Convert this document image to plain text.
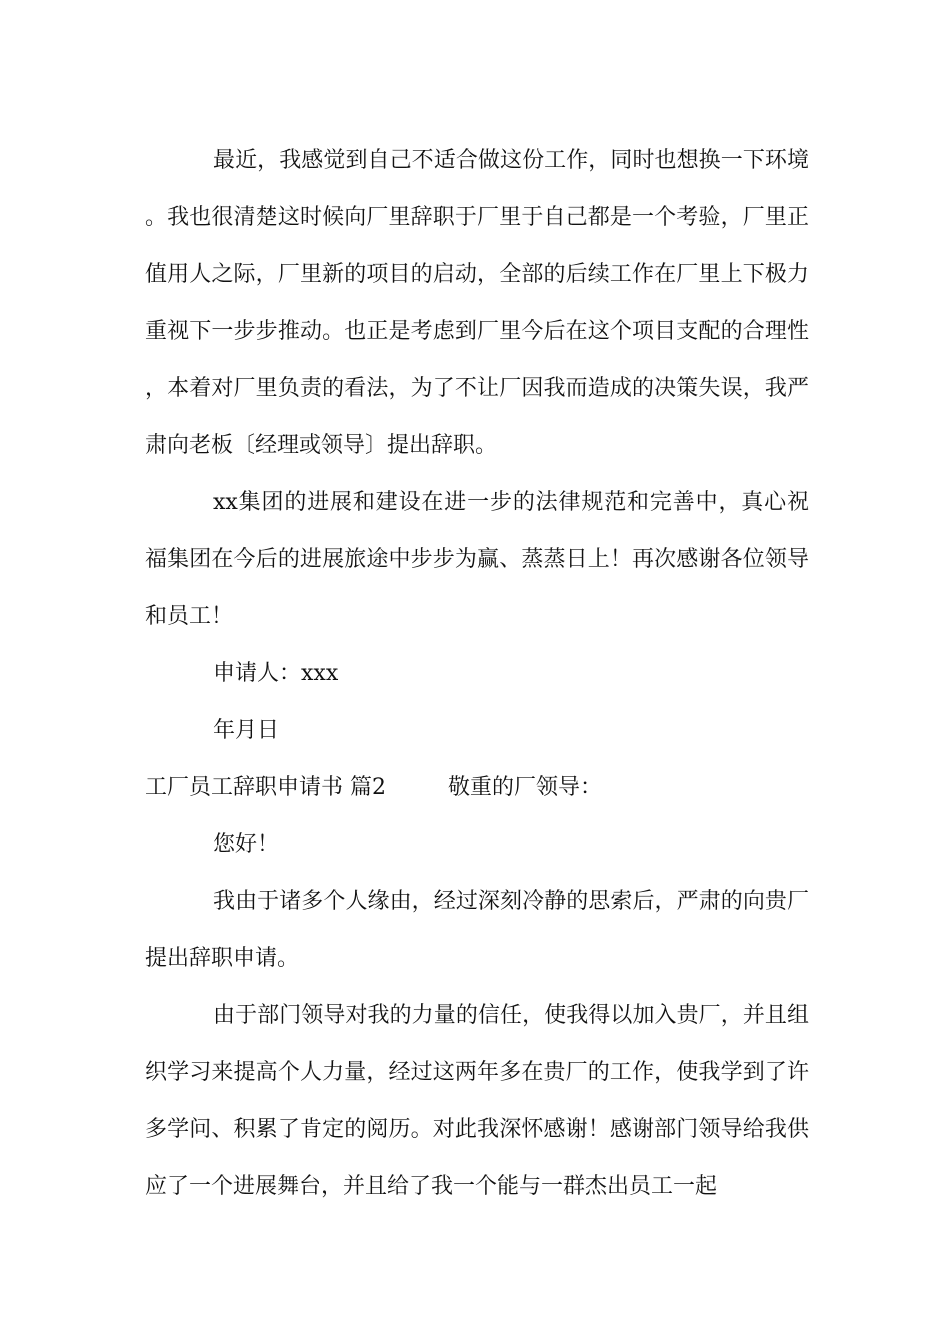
最近，我感觉到自己不适合做这份工作，同时也想换一下环境。我也很清楚这时候向厂里辞职于厂里于自己都是一个考验，厂里正值用人之际，厂里新的项目的启动，全部的后续工作在厂里上下极力重视下一步步推动。也正是考虑到厂里今后在这个项目支配的合理性，本着对厂里负责的看法，为了不让厂因我而造成的决策失误，我严肃向老板〔经理或领导〕提出辞职。

xx集团的进展和建设在进一步的法律规范和完善中，真心祝福集团在今后的进展旅途中步步为赢、蒸蒸日上！再次感谢各位领导和员工！

申请人：xxx

年月日

工厂员工辞职申请书 篇2	敬重的厂领导：

您好！

我由于诸多个人缘由，经过深刻冷静的思索后，严肃的向贵厂提出辞职申请。

由于部门领导对我的力量的信任，使我得以加入贵厂，并且组织学习来提高个人力量，经过这两年多在贵厂的工作，使我学到了许多学问、积累了肯定的阅历。对此我深怀感谢！感谢部门领导给我供应了一个进展舞台，并且给了我一个能与一群杰出员工一起
